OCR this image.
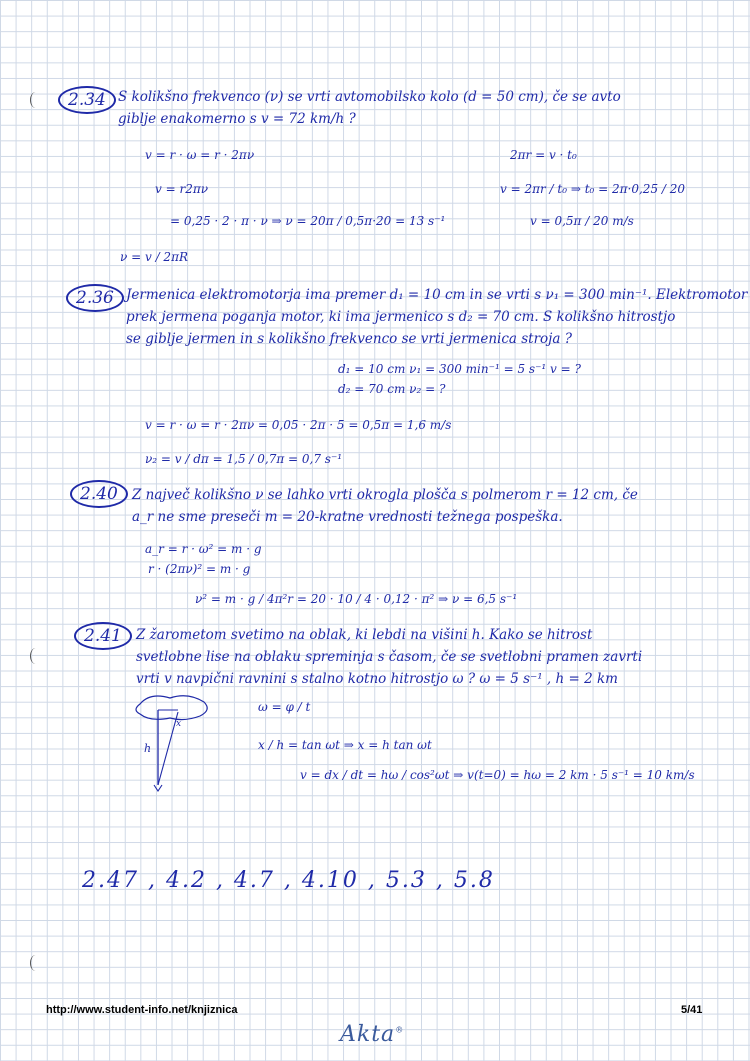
2.34 S kolikšno frekvenco (ν) se vrti avtomobilsko kolo (d = 50 cm), če se avto
giblje enakomerno s v = 72 km/h ?
v = r · ω = r · 2πν
v = r2πν
= 0,25 · 2 · π · ν ⇒ ν = 20π / 0,5π·20 = 13 s⁻¹
ν = v / 2πR
2πr = v · t₀
v = 2πr / t₀ ⇒ t₀ = 2π·0,25 / 20
v = 0,5π / 20 m/s
2.36 Jermenica elektromotorja ima premer d₁ = 10 cm in se vrti s ν₁ = 300 min⁻¹. Elektromotor
prek jermena poganja motor, ki ima jermenico s d₂ = 70 cm. S kolikšno hitrostjo
se giblje jermen in s kolikšno frekvenco se vrti jermenica stroja ?
d₁ = 10 cm ν₁ = 300 min⁻¹ = 5 s⁻¹ v = ?
d₂ = 70 cm ν₂ = ?
v = r · ω = r · 2πν = 0,05 · 2π · 5 = 0,5π = 1,6 m/s
ν₂ = v / dπ = 1,5 / 0,7π = 0,7 s⁻¹
2.40	Z največ kolikšno ν se lahko vrti okrogla plošča s polmerom r = 12 cm, če
a_r ne sme preseči m = 20-kratne vrednosti težnega pospeška.
a_r = r · ω² = m · g
r · (2πν)² = m · g
ν² = m · g / 4π²r = 20 · 10 / 4 · 0,12 · π² ⇒ ν = 6,5 s⁻¹
2.41	Z žarometom svetimo na oblak, ki lebdi na višini h. Kako se hitrost
svetlobne lise na oblaku spreminja s časom, če se svetlobni pramen zavrti
vrti v navpični ravnini s stalno kotno hitrostjo ω ? ω = 5 s⁻¹ , h = 2 km
ω = φ / t
x / h = tan ωt ⇒ x = h tan ωt
v = dx / dt = hω / cos²ωt ⇒ v(t=0) = hω = 2 km · 5 s⁻¹ = 10 km/s
h
x
2.47 , 4.2 , 4.7 , 4.10 , 5.3 , 5.8
http://www.student-info.net/knjiznica	5/41
Akta®
